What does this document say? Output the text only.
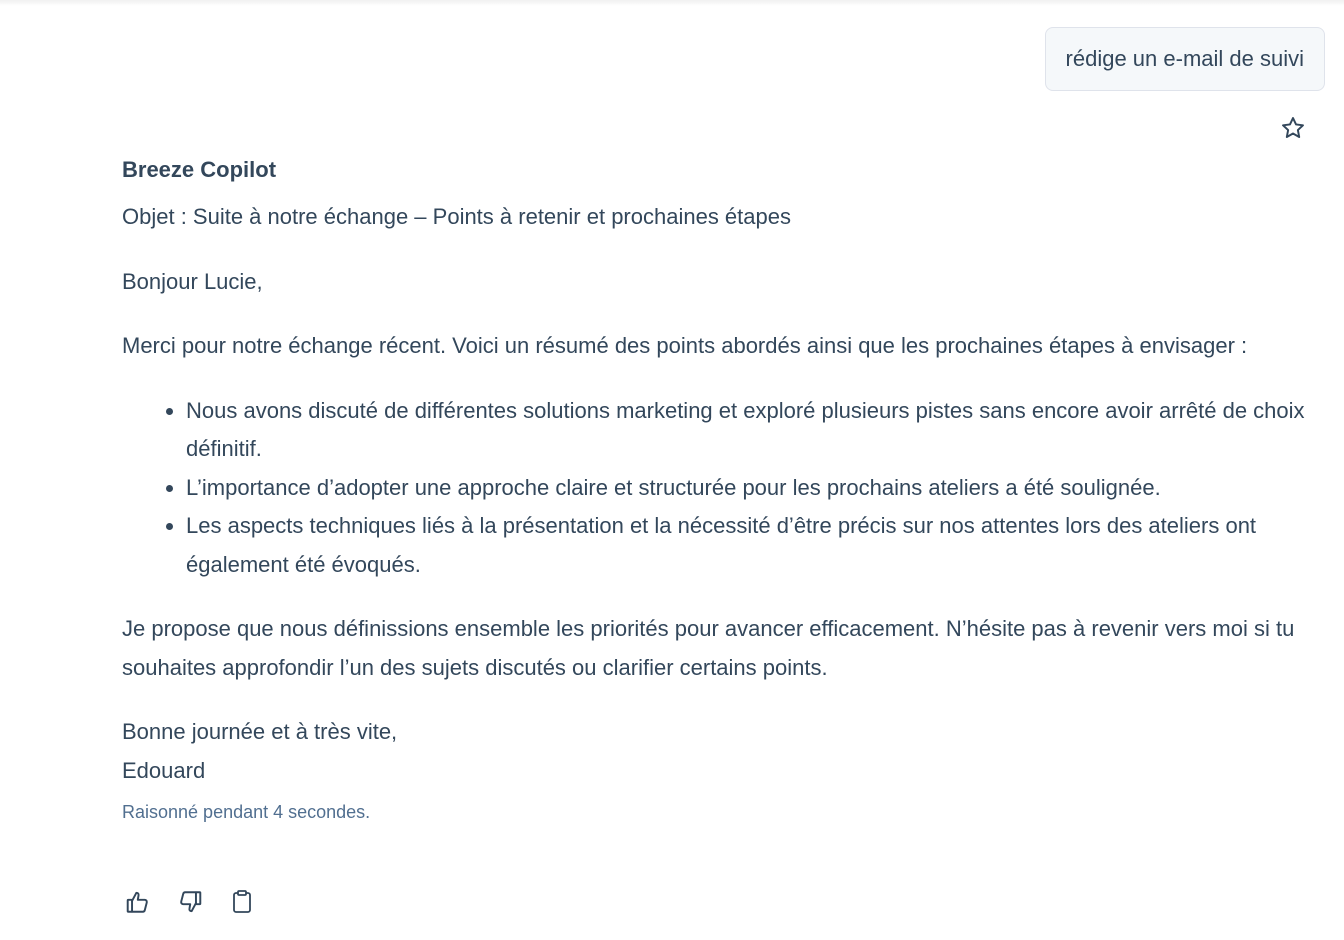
rédige un e-mail de suivi
Breeze Copilot

Objet : Suite à notre échange – Points à retenir et prochaines étapes

Bonjour Lucie,

Merci pour notre échange récent. Voici un résumé des points abordés ainsi que les prochaines étapes à envisager :

• Nous avons discuté de différentes solutions marketing et exploré plusieurs pistes sans encore avoir arrêté de choix définitif.
• L’importance d’adopter une approche claire et structurée pour les prochains ateliers a été soulignée.
• Les aspects techniques liés à la présentation et la nécessité d’être précis sur nos attentes lors des ateliers ont également été évoqués.

Je propose que nous définissions ensemble les priorités pour avancer efficacement. N’hésite pas à revenir vers moi si tu souhaites approfondir l’un des sujets discutés ou clarifier certains points.

Bonne journée et à très vite,
Edouard

Raisonné pendant 4 secondes.
